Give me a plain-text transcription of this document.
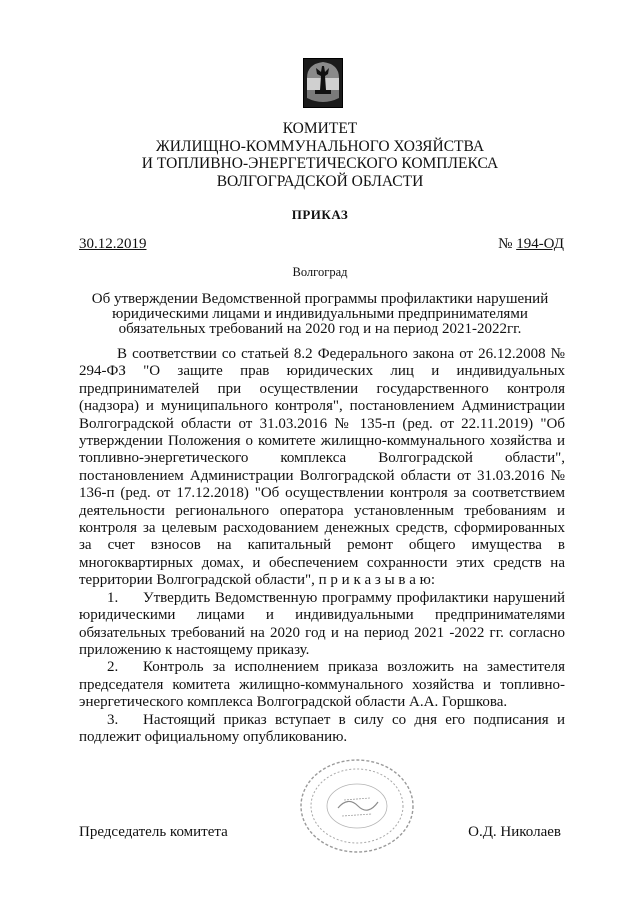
КОМИТЕТ
ЖИЛИЩНО-КОММУНАЛЬНОГО ХОЗЯЙСТВА
И ТОПЛИВНО-ЭНЕРГЕТИЧЕСКОГО КОМПЛЕКСА
ВОЛГОГРАДСКОЙ ОБЛАСТИ
ПРИКАЗ
30.12.2019	№ 194-ОД
Волгоград
Об утверждении Ведомственной программы профилактики нарушений
юридическими лицами и индивидуальными предпринимателями
обязательных требований на 2020 год и на период 2021-2022гг.

В соответствии со статьей 8.2 Федерального закона от 26.12.2008 № 294-ФЗ "О защите прав юридических лиц и индивидуальных предпринимателей при осуществлении государственного контроля (надзора) и муниципального контроля", постановлением Администрации Волгоградской области от 31.03.2016 № 135-п (ред. от 22.11.2019) "Об утверждении Положения о комитете жилищно-коммунального хозяйства и топливно-энергетического комплекса Волгоградской области", постановлением Администрации Волгоградской области от 31.03.2016 № 136-п (ред. от 17.12.2018) "Об осуществлении контроля за соответствием деятельности регионального оператора установленным требованиям и контроля за целевым расходованием денежных средств, сформированных за счет взносов на капитальный ремонт общего имущества в многоквартирных домах, и обеспечением сохранности этих средств на территории Волгоградской области", п р и к а з ы в а ю:

1. Утвердить Ведомственную программу профилактики нарушений юридическими лицами и индивидуальными предпринимателями обязательных требований на 2020 год и на период 2021 -2022 гг. согласно приложению к настоящему приказу.

2. Контроль за исполнением приказа возложить на заместителя председателя комитета жилищно-коммунального хозяйства и топливно-энергетического комплекса Волгоградской области А.А. Горшкова.

3. Настоящий приказ вступает в силу со дня его подписания и подлежит официальному опубликованию.

Председатель комитета	О.Д. Николаев
